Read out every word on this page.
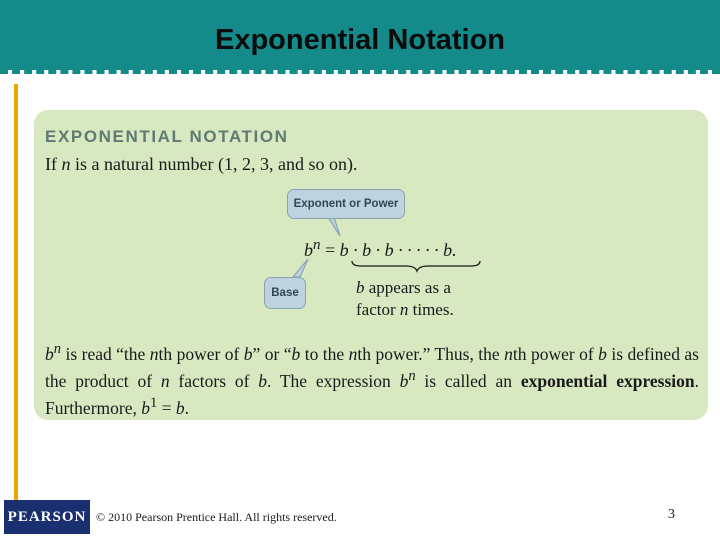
Exponential Notation
EXPONENTIAL NOTATION
If n is a natural number (1, 2, 3, and so on).
Exponent or Power
Base
$b^n = b \cdot b \cdot b$ · · · · · b.
b appears as a
factor n times.
$b^n$ is read “the nth power of b” or “b to the nth power.” Thus, the nth power of b is defined as the product of n factors of b. The expression $b^n$ is called an exponential expression. Furthermore, $b^1 = b$.
PEARSON © 2010 Pearson Prentice Hall. All rights reserved.	3
